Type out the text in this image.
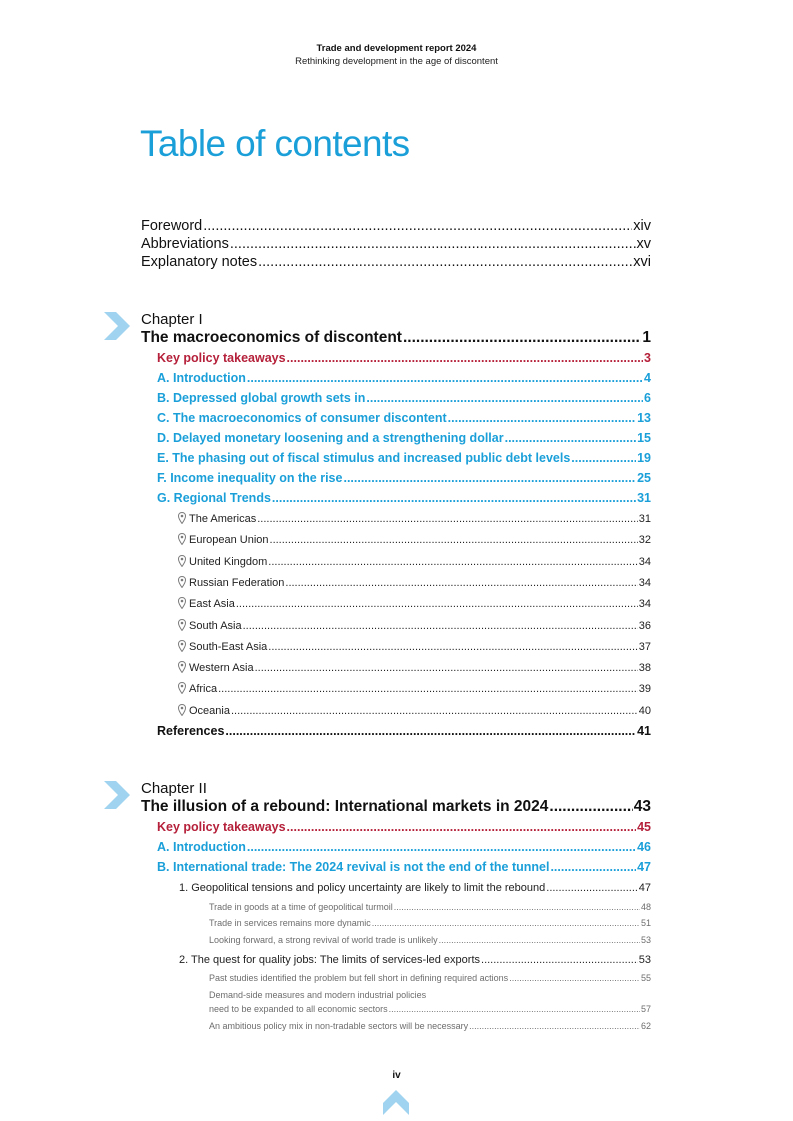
Trade and development report 2024
Rethinking development in the age of discontent
Table of contents
Foreword .....	xiv
Abbreviations .....	xv
Explanatory notes .....	xvi
Chapter I
The macroeconomics of discontent .....	1
Key policy takeaways .....	3
A. Introduction .....	4
B. Depressed global growth sets in .....	6
C. The macroeconomics of consumer discontent .....	13
D. Delayed monetary loosening and a strengthening dollar .....	15
E. The phasing out of fiscal stimulus and increased public debt levels .....	19
F. Income inequality on the rise .....	25
G. Regional Trends .....	31
The Americas .....	31
European Union .....	32
United Kingdom .....	34
Russian Federation .....	34
East Asia .....	34
South Asia .....	36
South-East Asia .....	37
Western Asia .....	38
Africa .....	39
Oceania .....	40
References .....	41
Chapter II
The illusion of a rebound: International markets in 2024 .....	43
Key policy takeaways .....	45
A. Introduction .....	46
B. International trade: The 2024 revival is not the end of the tunnel .....	47
1. Geopolitical tensions and policy uncertainty are likely to limit the rebound .....	47
Trade in goods at a time of geopolitical turmoil .....	48
Trade in services remains more dynamic .....	51
Looking forward, a strong revival of world trade is unlikely .....	53
2. The quest for quality jobs: The limits of services-led exports .....	53
Past studies identified the problem but fell short in defining required actions .....	55
Demand-side measures and modern industrial policies
need to be expanded to all economic sectors .....	57
An ambitious policy mix in non-tradable sectors will be necessary .....	62
iv
